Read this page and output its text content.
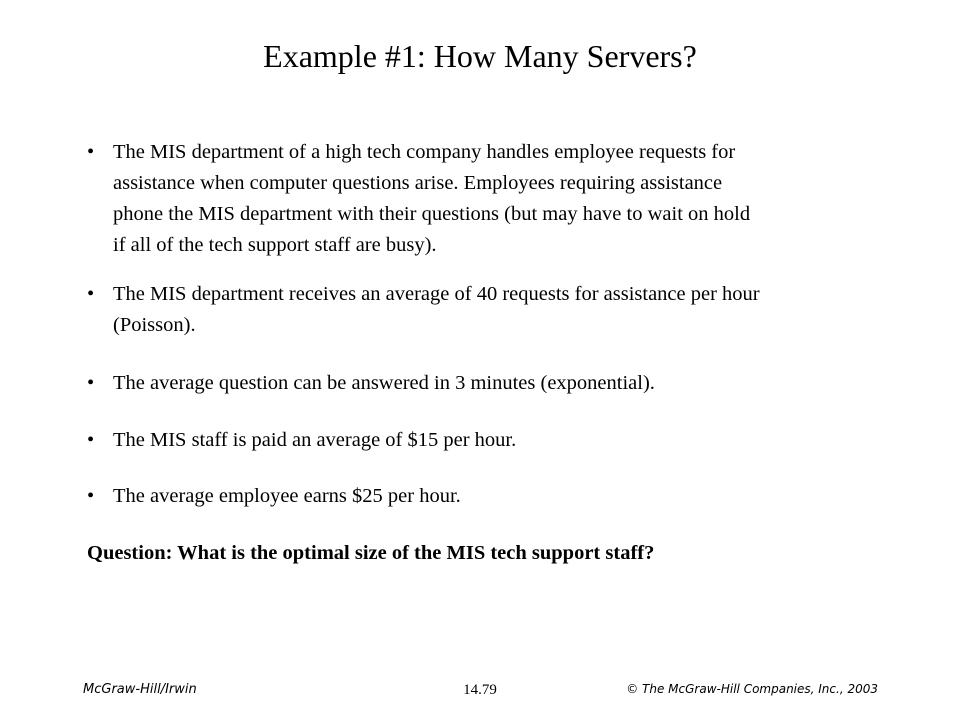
Example #1: How Many Servers?
• The MIS department of a high tech company handles employee requests for
assistance when computer questions arise. Employees requiring assistance
phone the MIS department with their questions (but may have to wait on hold
if all of the tech support staff are busy).
• The MIS department receives an average of 40 requests for assistance per hour
(Poisson).
• The average question can be answered in 3 minutes (exponential).
• The MIS staff is paid an average of $15 per hour.
• The average employee earns $25 per hour.

Question: What is the optimal size of the MIS tech support staff?

McGraw-Hill/Irwin	14.79	© The McGraw-Hill Companies, Inc., 2003
